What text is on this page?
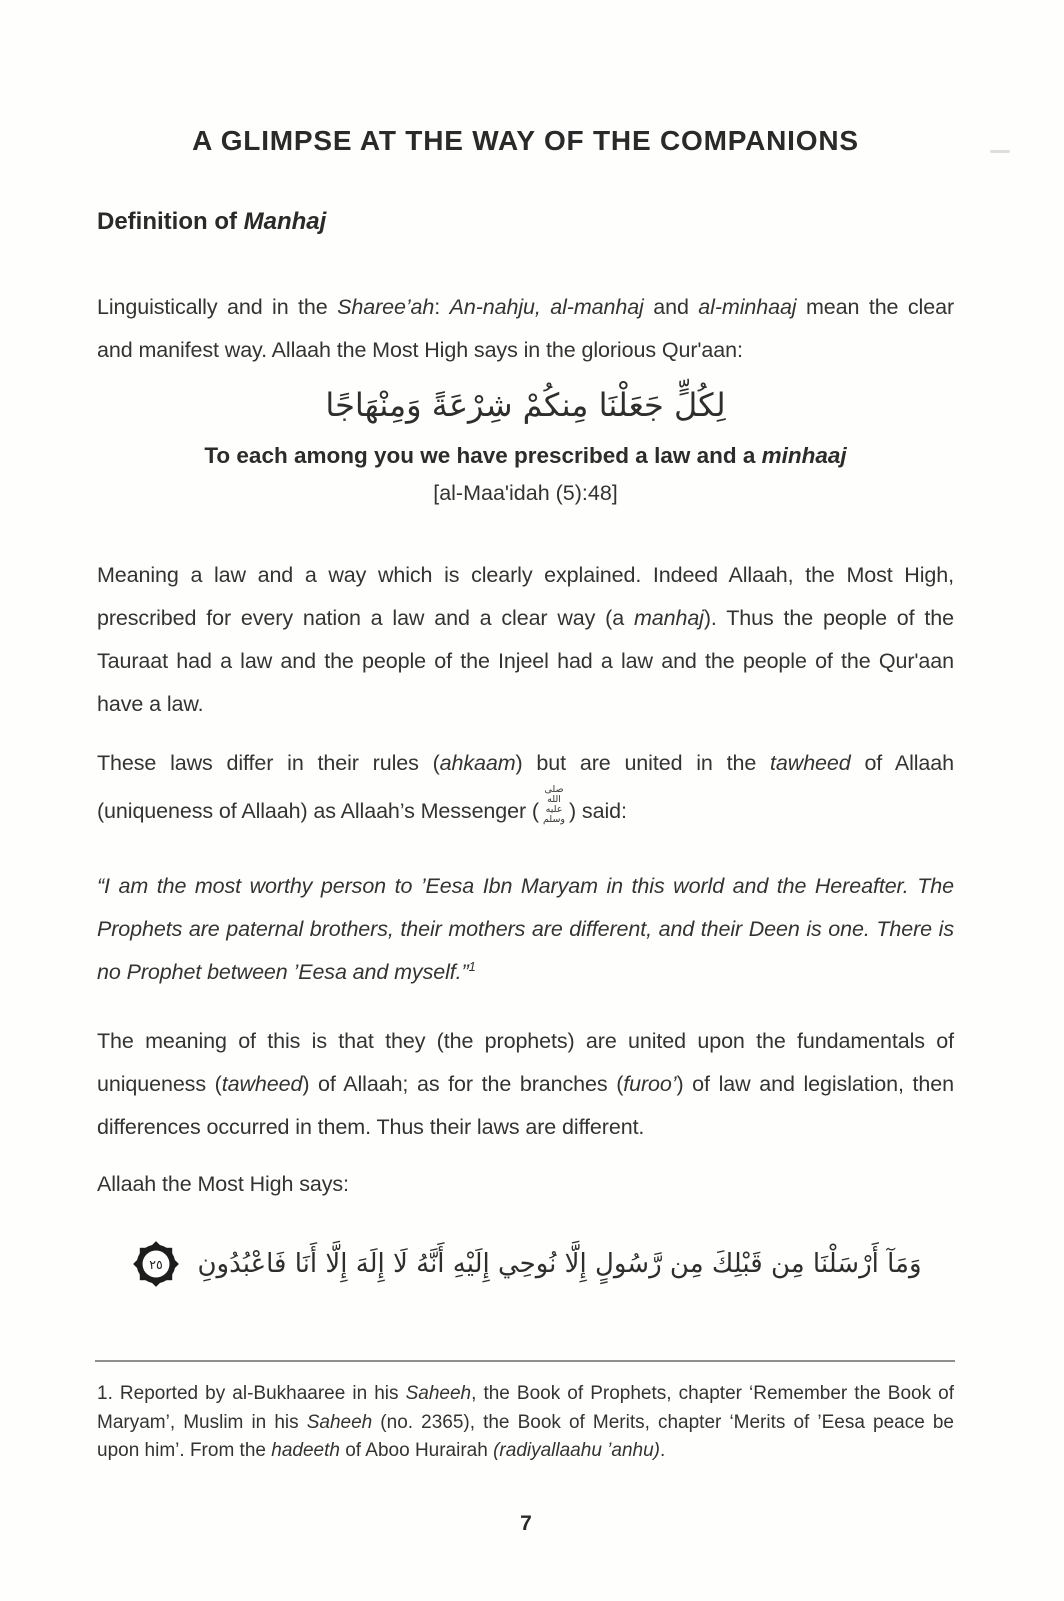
A GLIMPSE AT THE WAY OF THE COMPANIONS
Definition of Manhaj

Linguistically and in the Sharee’ah: An-nahju, al-manhaj and al-minhaaj mean the clear and manifest way. Allaah the Most High says in the glorious Qur'aan:

لِكُلٍّ جَعَلْنَا مِنكُمْ شِرْعَةً وَمِنْهَاجًا

To each among you we have prescribed a law and a minhaaj

[al-Maa'idah (5):48]

Meaning a law and a way which is clearly explained. Indeed Allaah, the Most High, prescribed for every nation a law and a clear way (a manhaj). Thus the people of the Tauraat had a law and the people of the Injeel had a law and the people of the Qur'aan have a law.

These laws differ in their rules (ahkaam) but are united in the tawheed of Allaah (uniqueness of Allaah) as Allaah’s Messenger (صلى الله عليه وسلم ) said:

“I am the most worthy person to ’Eesa Ibn Maryam in this world and the Hereafter. The Prophets are paternal brothers, their mothers are different, and their Deen is one. There is no Prophet between ’Eesa and myself.”$^1$

The meaning of this is that they (the prophets) are united upon the fundamentals of uniqueness (tawheed) of Allaah; as for the branches (furoo’) of law and legislation, then differences occurred in them. Thus their laws are different.

Allaah the Most High says:

وَمَآ أَرْسَلْنَا مِن قَبْلِكَ مِن رَّسُولٍ إِلَّا نُوحِي إِلَيْهِ أَنَّهُ لَا إِلَهَ إِلَّا أَنَا فَاعْبُدُونِ
٢٥

1. Reported by al-Bukhaaree in his Saheeh, the Book of Prophets, chapter ‘Remember the Book of Maryam’, Muslim in his Saheeh (no. 2365), the Book of Merits, chapter ‘Merits of ’Eesa peace be upon him’. From the hadeeth of Aboo Hurairah (radiyallaahu ’anhu).

7
